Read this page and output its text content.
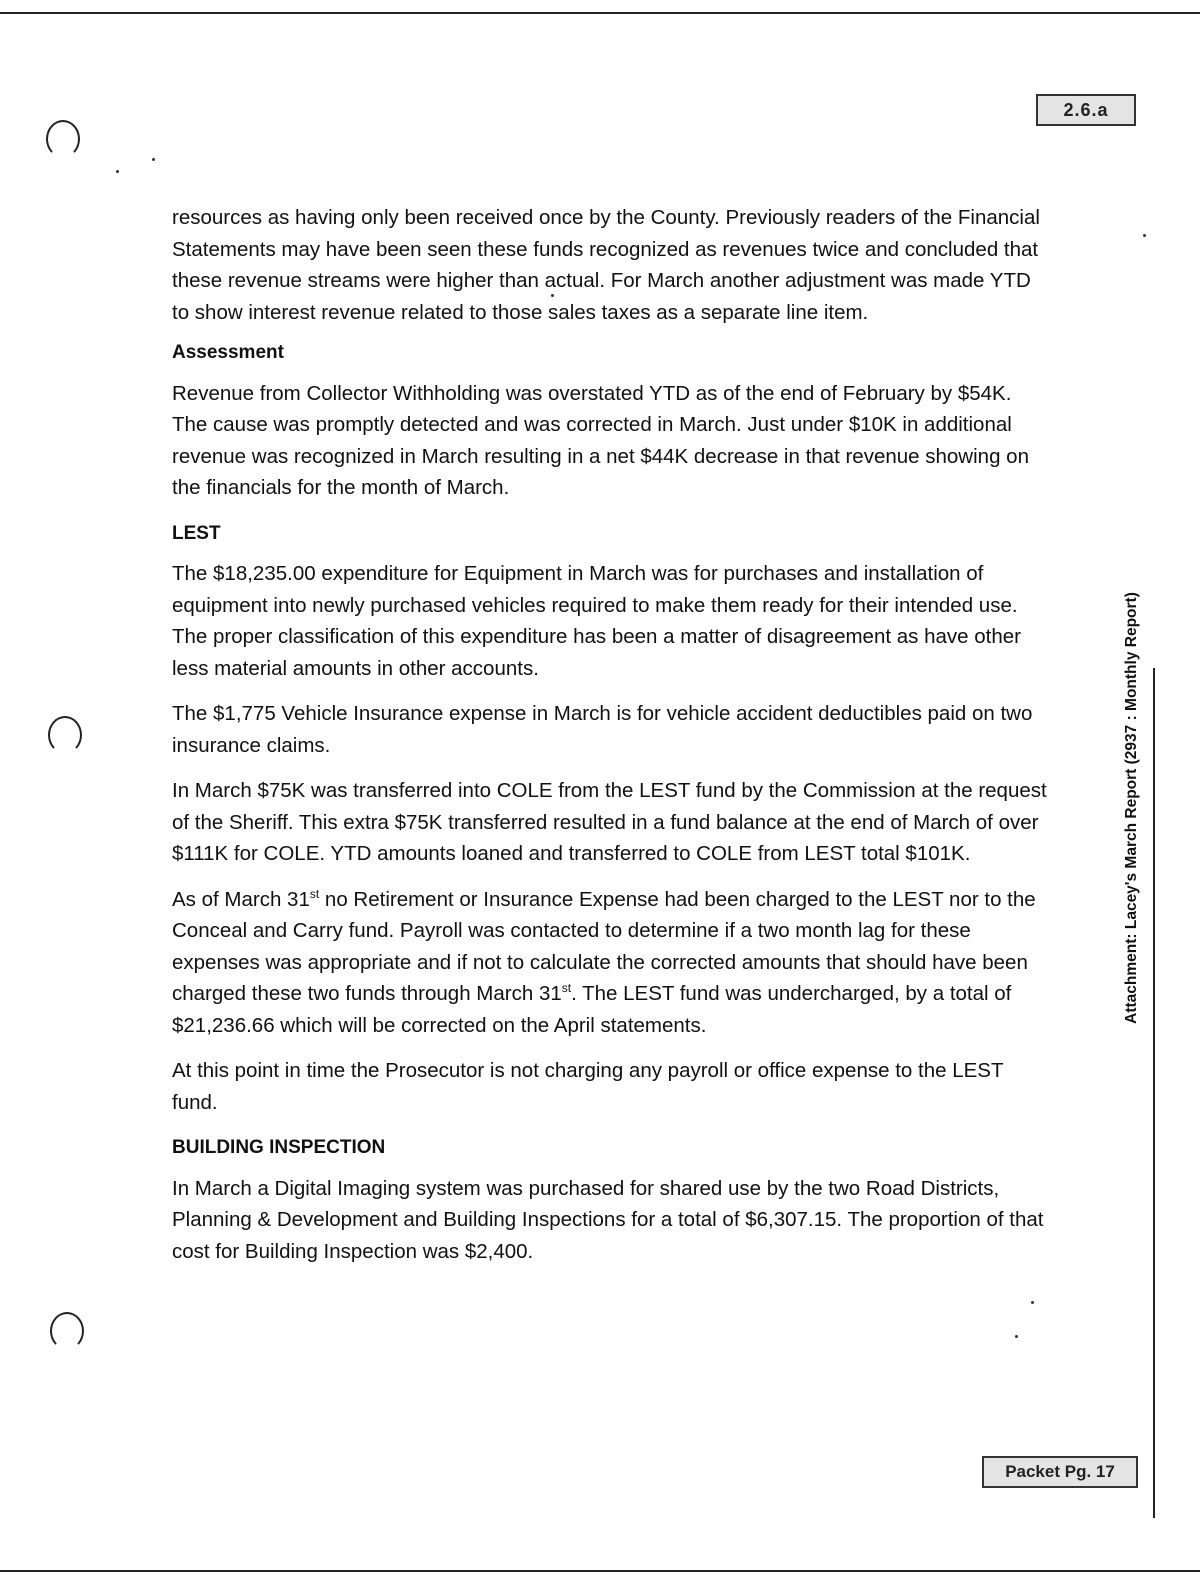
2.6.a
Attachment: Lacey's March Report (2937 : Monthly Report)

resources as having only been received once by the County. Previously readers of the Financial Statements may have been seen these funds recognized as revenues twice and concluded that these revenue streams were higher than actual. For March another adjustment was made YTD to show interest revenue related to those sales taxes as a separate line item.

Assessment

Revenue from Collector Withholding was overstated YTD as of the end of February by $54K. The cause was promptly detected and was corrected in March. Just under $10K in additional revenue was recognized in March resulting in a net $44K decrease in that revenue showing on the financials for the month of March.

LEST

The $18,235.00 expenditure for Equipment in March was for purchases and installation of equipment into newly purchased vehicles required to make them ready for their intended use. The proper classification of this expenditure has been a matter of disagreement as have other less material amounts in other accounts.

The $1,775 Vehicle Insurance expense in March is for vehicle accident deductibles paid on two insurance claims.

In March $75K was transferred into COLE from the LEST fund by the Commission at the request of the Sheriff. This extra $75K transferred resulted in a fund balance at the end of March of over $111K for COLE. YTD amounts loaned and transferred to COLE from LEST total $101K.

As of March 31st no Retirement or Insurance Expense had been charged to the LEST nor to the Conceal and Carry fund. Payroll was contacted to determine if a two month lag for these expenses was appropriate and if not to calculate the corrected amounts that should have been charged these two funds through March 31st. The LEST fund was undercharged, by a total of $21,236.66 which will be corrected on the April statements.

At this point in time the Prosecutor is not charging any payroll or office expense to the LEST fund.

BUILDING INSPECTION

In March a Digital Imaging system was purchased for shared use by the two Road Districts, Planning & Development and Building Inspections for a total of $6,307.15. The proportion of that cost for Building Inspection was $2,400.

Packet Pg. 17
